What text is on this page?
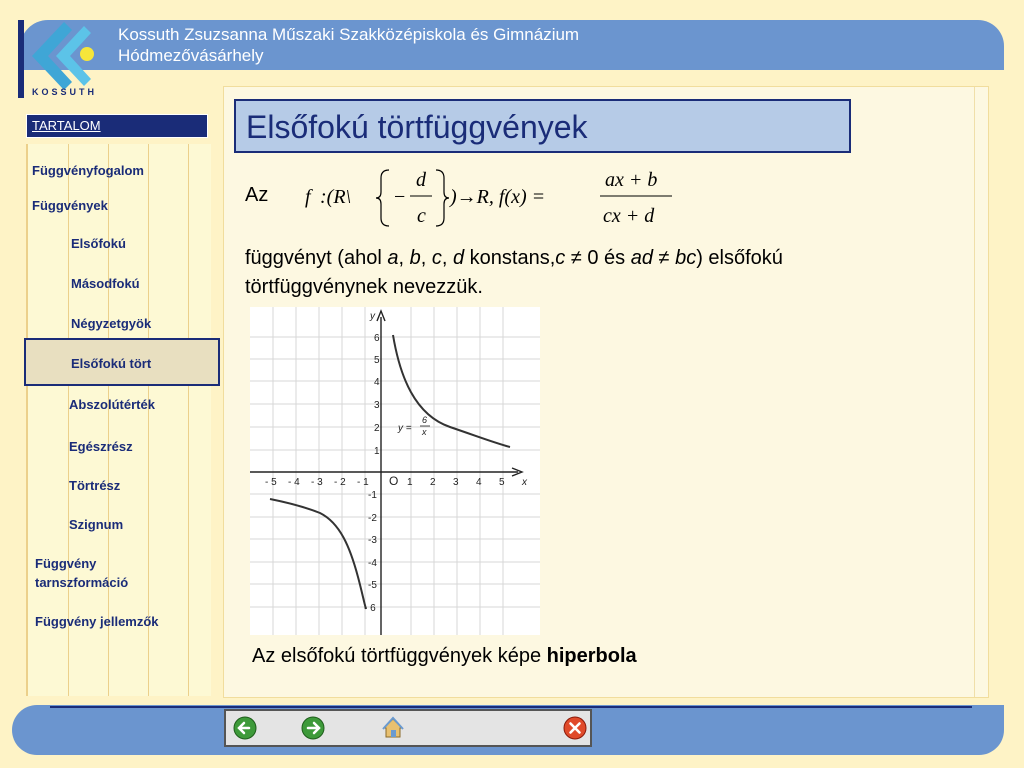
KOSSUTH
Kossuth Zsuzsanna Műszaki Szakközépiskola és Gimnázium
Hódmezővásárhely
TARTALOM
Függvényfogalom
Függvények
Elsőfokú
Másodfokú
Négyzetgyök
Elsőfokú tört
Abszolútérték
Egészrész
Törtrész
Szignum
Függvény tarnszformáció
Függvény jellemzők
Elsőfokú törtfüggvények
Az f :(R\ −
d
c
)→R, f(x) =
ax + b
cx + d
függvényt (ahol a, b, c, d konstans,c ≠ 0 és ad ≠ bc) elsőfokú
törtfüggvénynek nevezzük.
- 5 - 4 - 3 - 2 - 1 O 1 2 3 4 5 x
y
6
5
4
3
2
1
-1
-2
-3
-4
-5
- 6
y =
6
x
Az elsőfokú törtfüggvények képe hiperbola
